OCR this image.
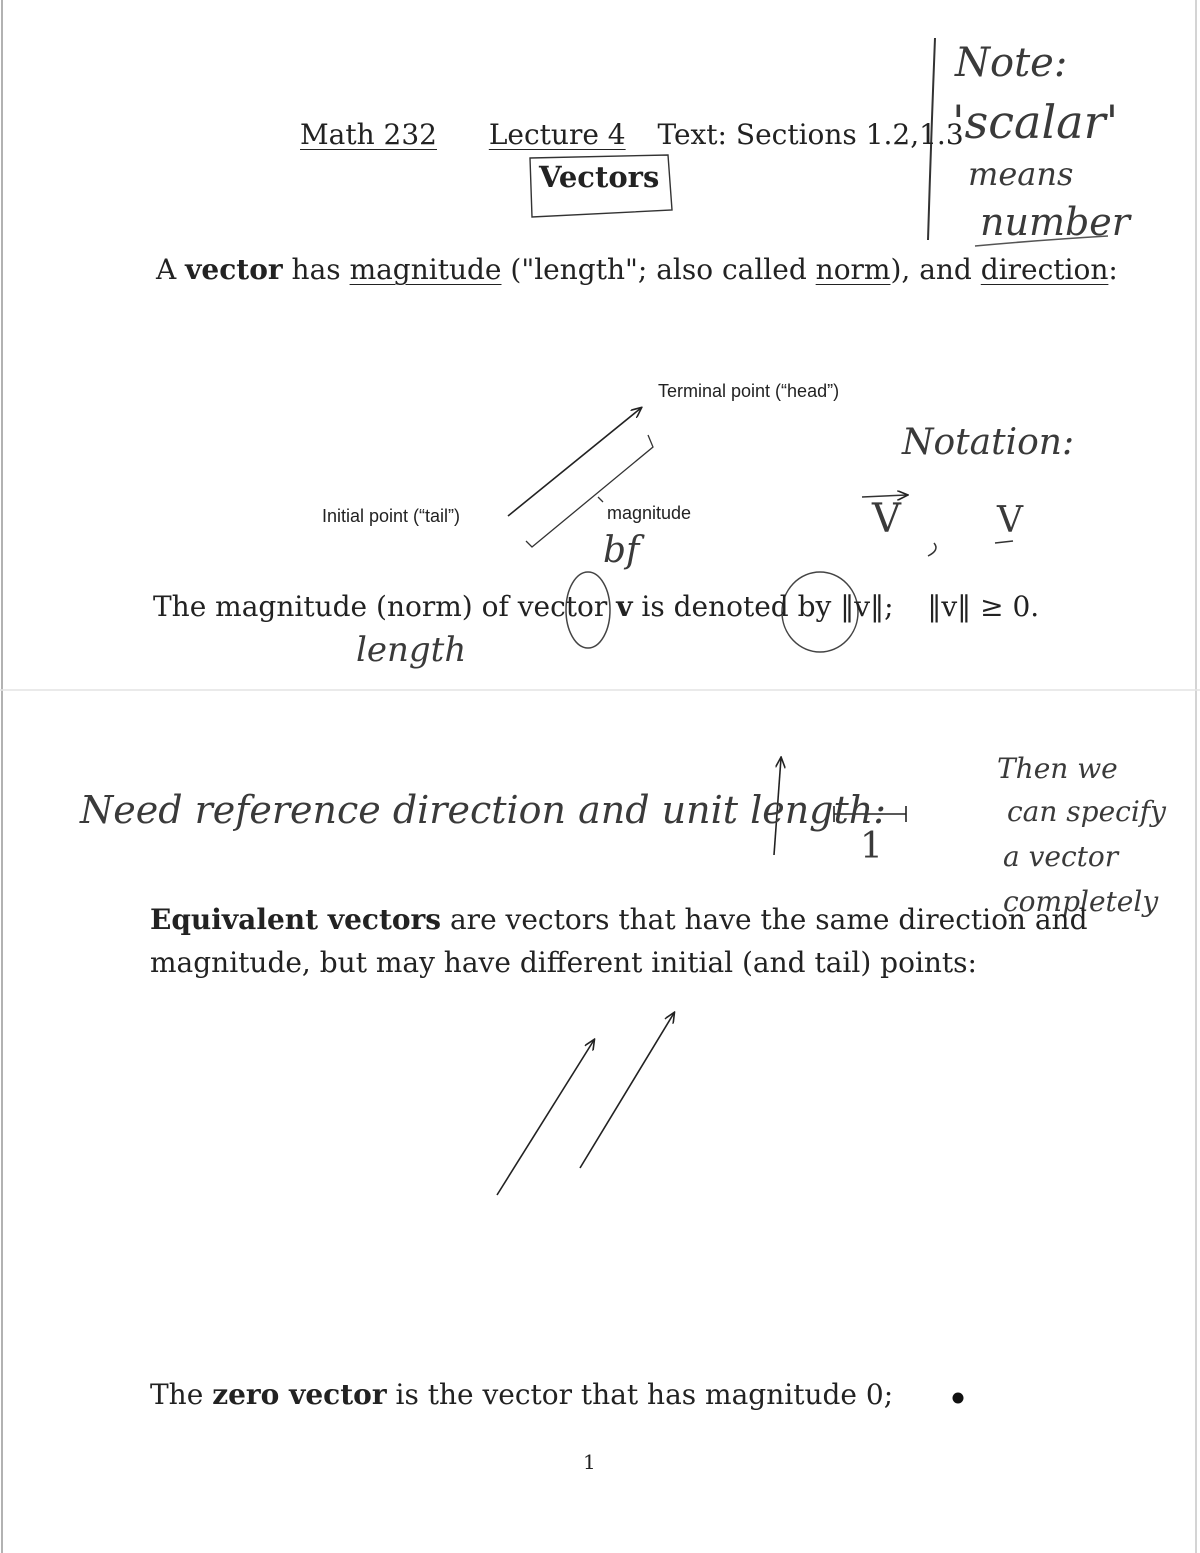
Math 232 Lecture 4 Text: Sections 1.2,1.3
Vectors
Note:
'scalar'
means
number
A vector has magnitude ("length"; also called norm), and direction:
Terminal point (“head”)
Initial point (“tail”)	magnitude
bf
Notation:
V	V
The magnitude (norm) of vector v is denoted by ‖v‖; ‖v‖ ≥ 0.
length
Need reference direction and unit length:
1
Then we
can specify
a vector
completely
Equivalent vectors are vectors that have the same direction and
magnitude, but may have different initial (and tail) points:
The zero vector is the vector that has magnitude 0;
1
